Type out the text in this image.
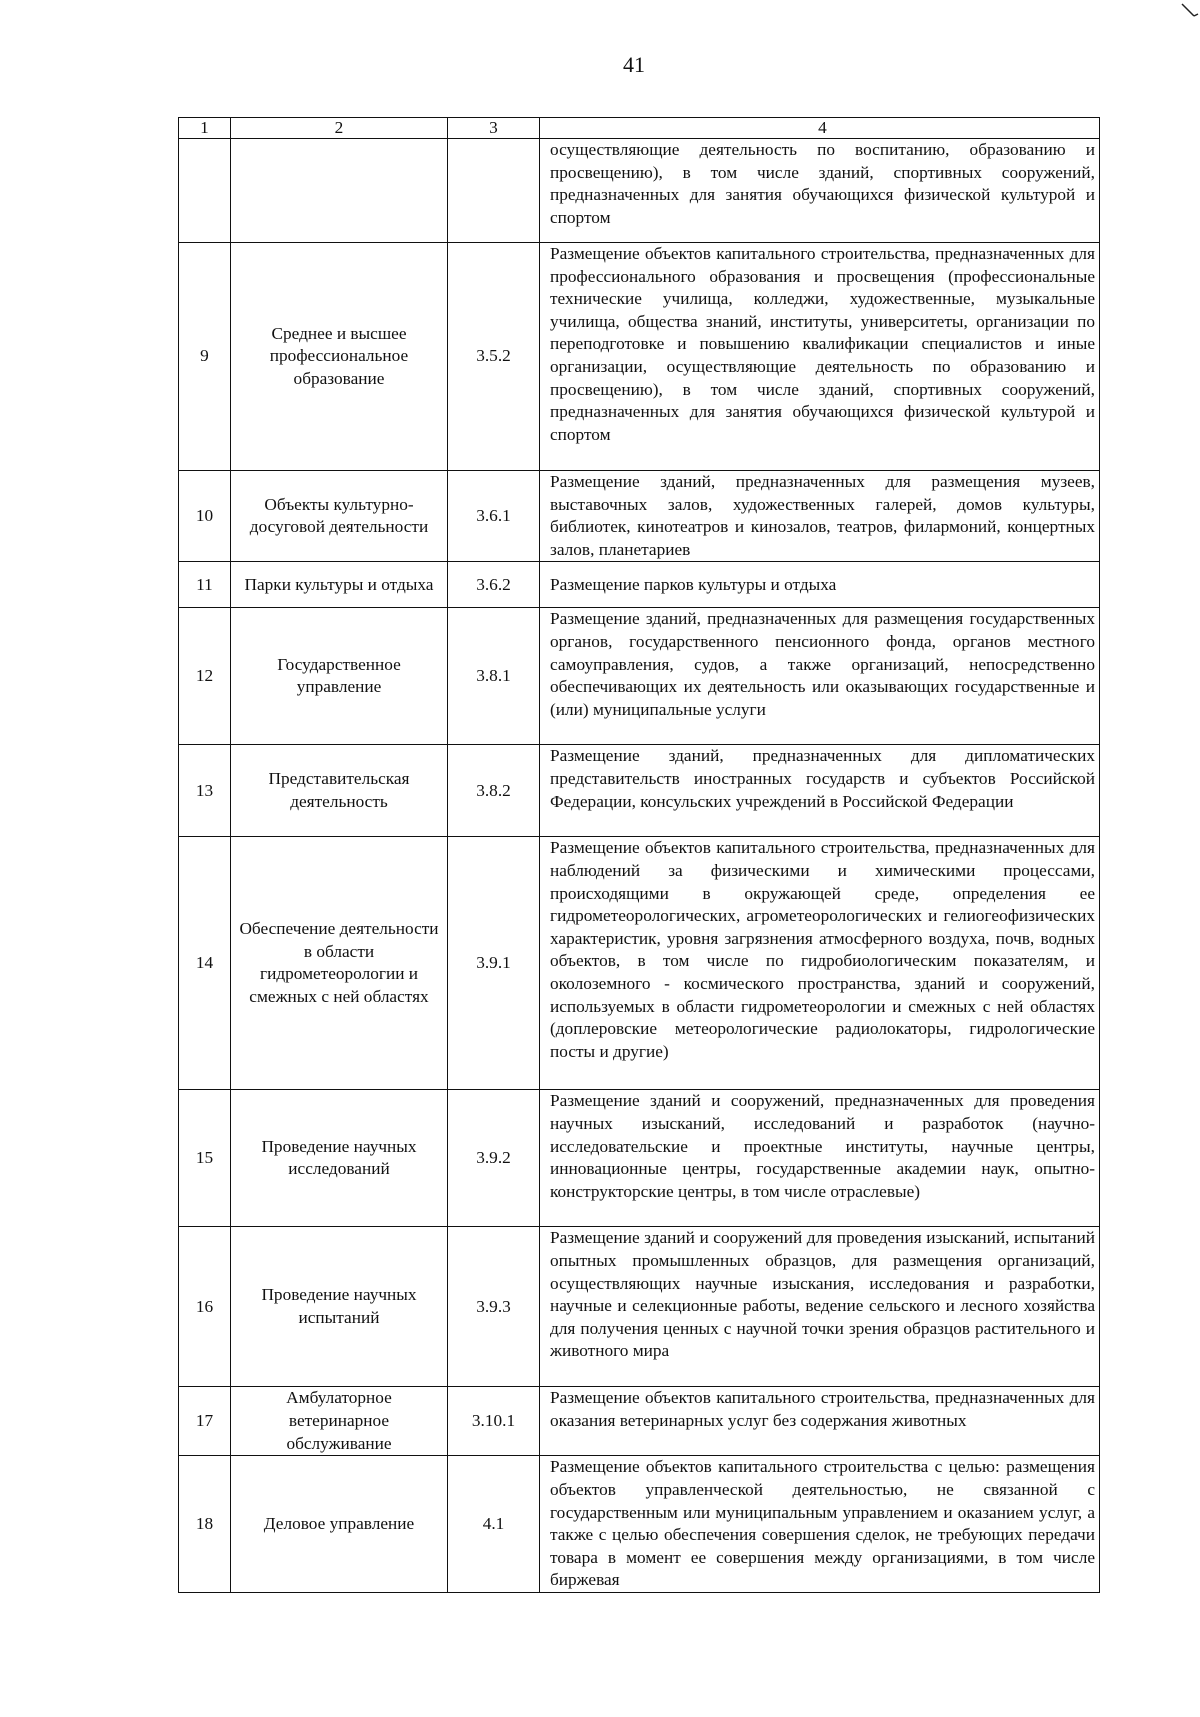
41
1	2	3	4
			осуществляющие деятельность по воспитанию, образованию и просвещению), в том числе зданий, спортивных сооружений, предназначенных для занятия обучающихся физической культурой и спортом
9	Среднее и высшее профессиональное образование	3.5.2	Размещение объектов капитального строительства, предназначенных для профессионального образования и просвещения (профессиональные технические училища, колледжи, художественные, музыкальные училища, общества знаний, институты, университеты, организации по переподготовке и повышению квалификации специалистов и иные организации, осуществляющие деятельность по образованию и просвещению), в том числе зданий, спортивных сооружений, предназначенных для занятия обучающихся физической культурой и спортом
10	Объекты культурно-досуговой деятельности	3.6.1	Размещение зданий, предназначенных для размещения музеев, выставочных залов, художественных галерей, домов культуры, библиотек, кинотеатров и кинозалов, театров, филармоний, концертных залов, планетариев
11	Парки культуры и отдыха	3.6.2	Размещение парков культуры и отдыха
12	Государственное управление	3.8.1	Размещение зданий, предназначенных для размещения государственных органов, государственного пенсионного фонда, органов местного самоуправления, судов, а также организаций, непосредственно обеспечивающих их деятельность или оказывающих государственные и (или) муниципальные услуги
13	Представительская деятельность	3.8.2	Размещение зданий, предназначенных для дипломатических представительств иностранных государств и субъектов Российской Федерации, консульских учреждений в Российской Федерации
14	Обеспечение деятельности в области гидрометеорологии и смежных с ней областях	3.9.1	Размещение объектов капитального строительства, предназначенных для наблюдений за физическими и химическими процессами, происходящими в окружающей среде, определения ее гидрометеорологических, агрометеорологических и гелиогеофизических характеристик, уровня загрязнения атмосферного воздуха, почв, водных объектов, в том числе по гидробиологическим показателям, и околоземного - космического пространства, зданий и сооружений, используемых в области гидрометеорологии и смежных с ней областях (доплеровские метеорологические радиолокаторы, гидрологические посты и другие)
15	Проведение научных исследований	3.9.2	Размещение зданий и сооружений, предназначенных для проведения научных изысканий, исследований и разработок (научно-исследовательские и проектные институты, научные центры, инновационные центры, государственные академии наук, опытно-конструкторские центры, в том числе отраслевые)
16	Проведение научных испытаний	3.9.3	Размещение зданий и сооружений для проведения изысканий, испытаний опытных промышленных образцов, для размещения организаций, осуществляющих научные изыскания, исследования и разработки, научные и селекционные работы, ведение сельского и лесного хозяйства для получения ценных с научной точки зрения образцов растительного и животного мира
17	Амбулаторное ветеринарное обслуживание	3.10.1	Размещение объектов капитального строительства, предназначенных для оказания ветеринарных услуг без содержания животных
18	Деловое управление	4.1	Размещение объектов капитального строительства с целью: размещения объектов управленческой деятельностью, не связанной с государственным или муниципальным управлением и оказанием услуг, а также с целью обеспечения совершения сделок, не требующих передачи товара в момент ее совершения между организациями, в том числе биржевая
